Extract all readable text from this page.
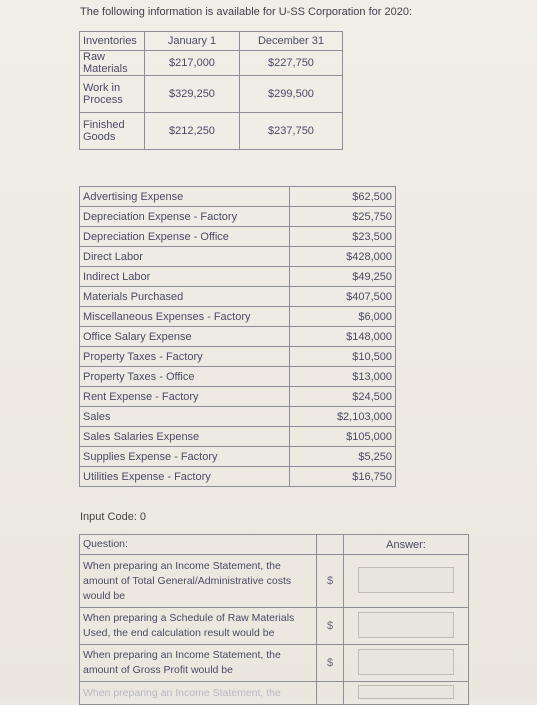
The following information is available for U-SS Corporation for 2020:
Inventories	January 1	December 31
Raw Materials	$217,000	$227,750
Work in Process	$329,250	$299,500
Finished Goods	$212,250	$237,750
Advertising Expense	$62,500
Depreciation Expense - Factory	$25,750
Depreciation Expense - Office	$23,500
Direct Labor	$428,000
Indirect Labor	$49,250
Materials Purchased	$407,500
Miscellaneous Expenses - Factory	$6,000
Office Salary Expense	$148,000
Property Taxes - Factory	$10,500
Property Taxes - Office	$13,000
Rent Expense - Factory	$24,500
Sales	$2,103,000
Sales Salaries Expense	$105,000
Supplies Expense - Factory	$5,250
Utilities Expense - Factory	$16,750
Input Code: 0
Question:		Answer:
When preparing an Income Statement, the amount of Total General/Administrative costs would be	$	
When preparing a Schedule of Raw Materials Used, the end calculation result would be	$	
When preparing an Income Statement, the amount of Gross Profit would be	$	
When preparing an Income Statement, the		
